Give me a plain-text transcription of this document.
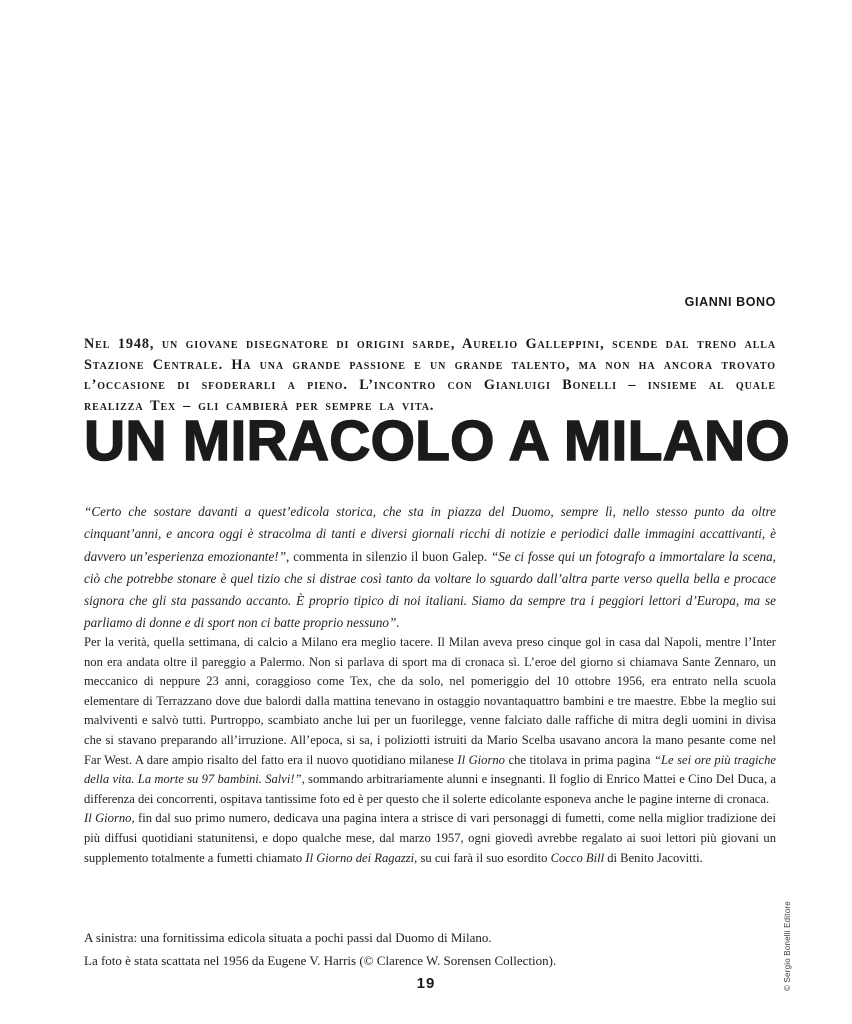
GIANNI BONO
Nel 1948, un giovane disegnatore di origini sarde, Aurelio Galleppini, scende dal treno alla Stazione Centrale. Ha una grande passione e un grande talento, ma non ha ancora trovato l’occasione di sfoderarli a pieno. L’incontro con Gianluigi Bonelli – insieme al quale realizza Tex – gli cambierà per sempre la vita.
UN MIRACOLO A MILANO
“Certo che sostare davanti a quest’edicola storica, che sta in piazza del Duomo, sempre lì, nello stesso punto da oltre cinquant’anni, e ancora oggi è stracolma di tanti e diversi giornali ricchi di notizie e periodici dalle immagini accattivanti, è davvero un’esperienza emozionante!”, commenta in silenzio il buon Galep. “Se ci fosse qui un fotografo a immortalare la scena, ciò che potrebbe stonare è quel tizio che si distrae così tanto da voltare lo sguardo dall’altra parte verso quella bella e procace signora che gli sta passando accanto. È proprio tipico di noi italiani. Siamo da sempre tra i peggiori lettori d’Europa, ma se parliamo di donne e di sport non ci batte proprio nessuno”.

Per la verità, quella settimana, di calcio a Milano era meglio tacere. Il Milan aveva preso cinque gol in casa dal Napoli, mentre l’Inter non era andata oltre il pareggio a Palermo. Non si parlava di sport ma di cronaca sì. L’eroe del giorno si chiamava Sante Zennaro, un meccanico di neppure 23 anni, coraggioso come Tex, che da solo, nel pomeriggio del 10 ottobre 1956, era entrato nella scuola elementare di Terrazzano dove due balordi dalla mattina tenevano in ostaggio novantaquattro bambini e tre maestre. Ebbe la meglio sui malviventi e salvò tutti. Purtroppo, scambiato anche lui per un fuorilegge, venne falciato dalle raffiche di mitra degli uomini in divisa che si stavano preparando all’irruzione. All’epoca, si sa, i poliziotti istruiti da Mario Scelba usavano ancora la mano pesante come nel Far West. A dare ampio risalto del fatto era il nuovo quotidiano milanese Il Giorno che titolava in prima pagina “Le sei ore più tragiche della vita. La morte su 97 bambini. Salvi!”, sommando arbitrariamente alunni e insegnanti. Il foglio di Enrico Mattei e Cino Del Duca, a differenza dei concorrenti, ospitava tantissime foto ed è per questo che il solerte edicolante esponeva anche le pagine interne di cronaca.

Il Giorno, fin dal suo primo numero, dedicava una pagina intera a strisce di vari personaggi di fumetti, come nella miglior tradizione dei più diffusi quotidiani statunitensi, e dopo qualche mese, dal marzo 1957, ogni giovedì avrebbe regalato ai suoi lettori più giovani un supplemento totalmente a fumetti chiamato Il Giorno dei Ragazzi, su cui farà il suo esordito Cocco Bill di Benito Jacovitti.

A sinistra: una fornitissima edicola situata a pochi passi dal Duomo di Milano.
La foto è stata scattata nel 1956 da Eugene V. Harris (© Clarence W. Sorensen Collection).
19	© Sergio Bonelli Editore
